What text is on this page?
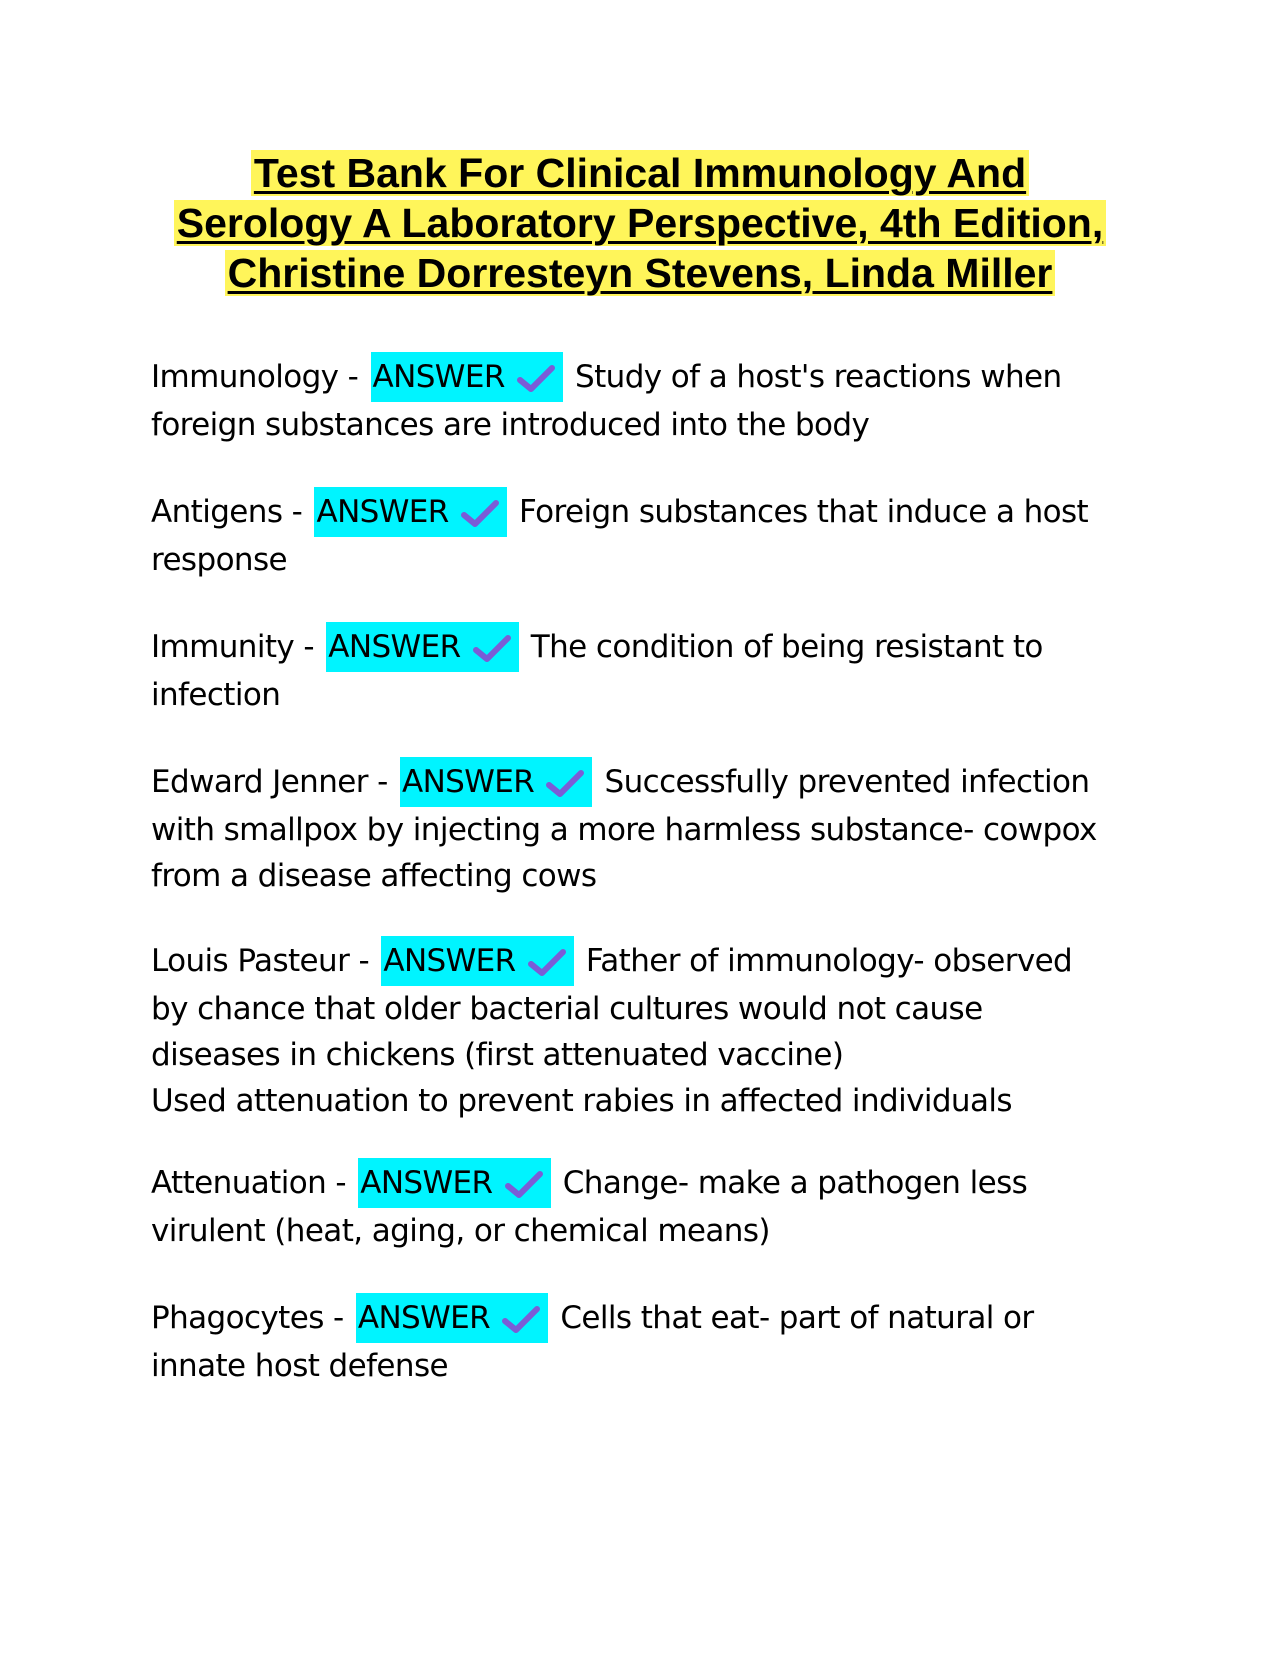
Test Bank For Clinical Immunology And
Serology A Laboratory Perspective, 4th Edition,
Christine Dorresteyn Stevens, Linda Miller
Immunology - ANSWER Study of a host's reactions when
foreign substances are introduced into the body
Antigens - ANSWER Foreign substances that induce a host
response
Immunity - ANSWER The condition of being resistant to
infection
Edward Jenner - ANSWER Successfully prevented infection
with smallpox by injecting a more harmless substance- cowpox
from a disease affecting cows
Louis Pasteur - ANSWER Father of immunology- observed
by chance that older bacterial cultures would not cause
diseases in chickens (first attenuated vaccine)
Used attenuation to prevent rabies in affected individuals
Attenuation - ANSWER Change- make a pathogen less
virulent (heat, aging, or chemical means)
Phagocytes - ANSWER Cells that eat- part of natural or
innate host defense
